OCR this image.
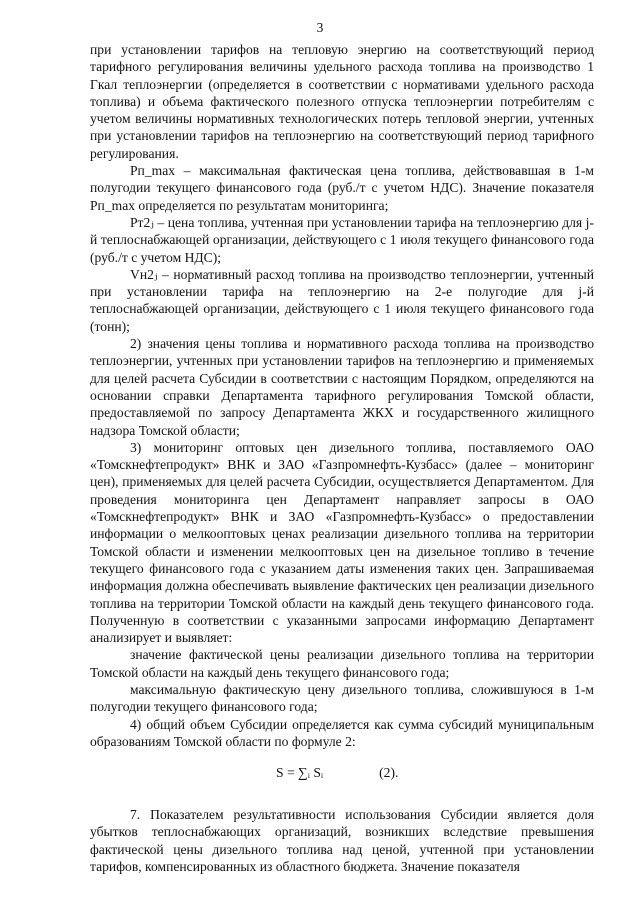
3

при установлении тарифов на тепловую энергию на соответствующий период тарифного регулирования величины удельного расхода топлива на производство 1 Гкал теплоэнергии (определяется в соответствии с нормативами удельного расхода топлива) и объема фактического полезного отпуска теплоэнергии потребителям с учетом величины нормативных технологических потерь тепловой энергии, учтенных при установлении тарифов на теплоэнергию на соответствующий период тарифного регулирования.

Рп_max – максимальная фактическая цена топлива, действовавшая в 1-м полугодии текущего финансового года (руб./т с учетом НДС). Значение показателя Рп_max определяется по результатам мониторинга;

Рт2ⱼ – цена топлива, учтенная при установлении тарифа на теплоэнергию для j-й теплоснабжающей организации, действующего с 1 июля текущего финансового года (руб./т с учетом НДС);

Vн2ⱼ – нормативный расход топлива на производство теплоэнергии, учтенный при установлении тарифа на теплоэнергию на 2-е полугодие для j-й теплоснабжающей организации, действующего с 1 июля текущего финансового года (тонн);

2) значения цены топлива и нормативного расхода топлива на производство теплоэнергии, учтенных при установлении тарифов на теплоэнергию и применяемых для целей расчета Субсидии в соответствии с настоящим Порядком, определяются на основании справки Департамента тарифного регулирования Томской области, предоставляемой по запросу Департамента ЖКХ и государственного жилищного надзора Томской области;

3) мониторинг оптовых цен дизельного топлива, поставляемого ОАО «Томскнефтепродукт» ВНК и ЗАО «Газпромнефть-Кузбасс» (далее – мониторинг цен), применяемых для целей расчета Субсидии, осуществляется Департаментом. Для проведения мониторинга цен Департамент направляет запросы в ОАО «Томскнефтепродукт» ВНК и ЗАО «Газпромнефть-Кузбасс» о предоставлении информации о мелкооптовых ценах реализации дизельного топлива на территории Томской области и изменении мелкооптовых цен на дизельное топливо в течение текущего финансового года с указанием даты изменения таких цен. Запрашиваемая информация должна обеспечивать выявление фактических цен реализации дизельного топлива на территории Томской области на каждый день текущего финансового года. Полученную в соответствии с указанными запросами информацию Департамент анализирует и выявляет:

значение фактической цены реализации дизельного топлива на территории Томской области на каждый день текущего финансового года;

максимальную фактическую цену дизельного топлива, сложившуюся в 1-м полугодии текущего финансового года;

4) общий объем Субсидии определяется как сумма субсидий муниципальным образованиям Томской области по формуле 2:

S = ∑ᵢ Sᵢ	(2).

7. Показателем результативности использования Субсидии является доля убытков теплоснабжающих организаций, возникших вследствие превышения фактической цены дизельного топлива над ценой, учтенной при установлении тарифов, компенсированных из областного бюджета. Значение показателя
